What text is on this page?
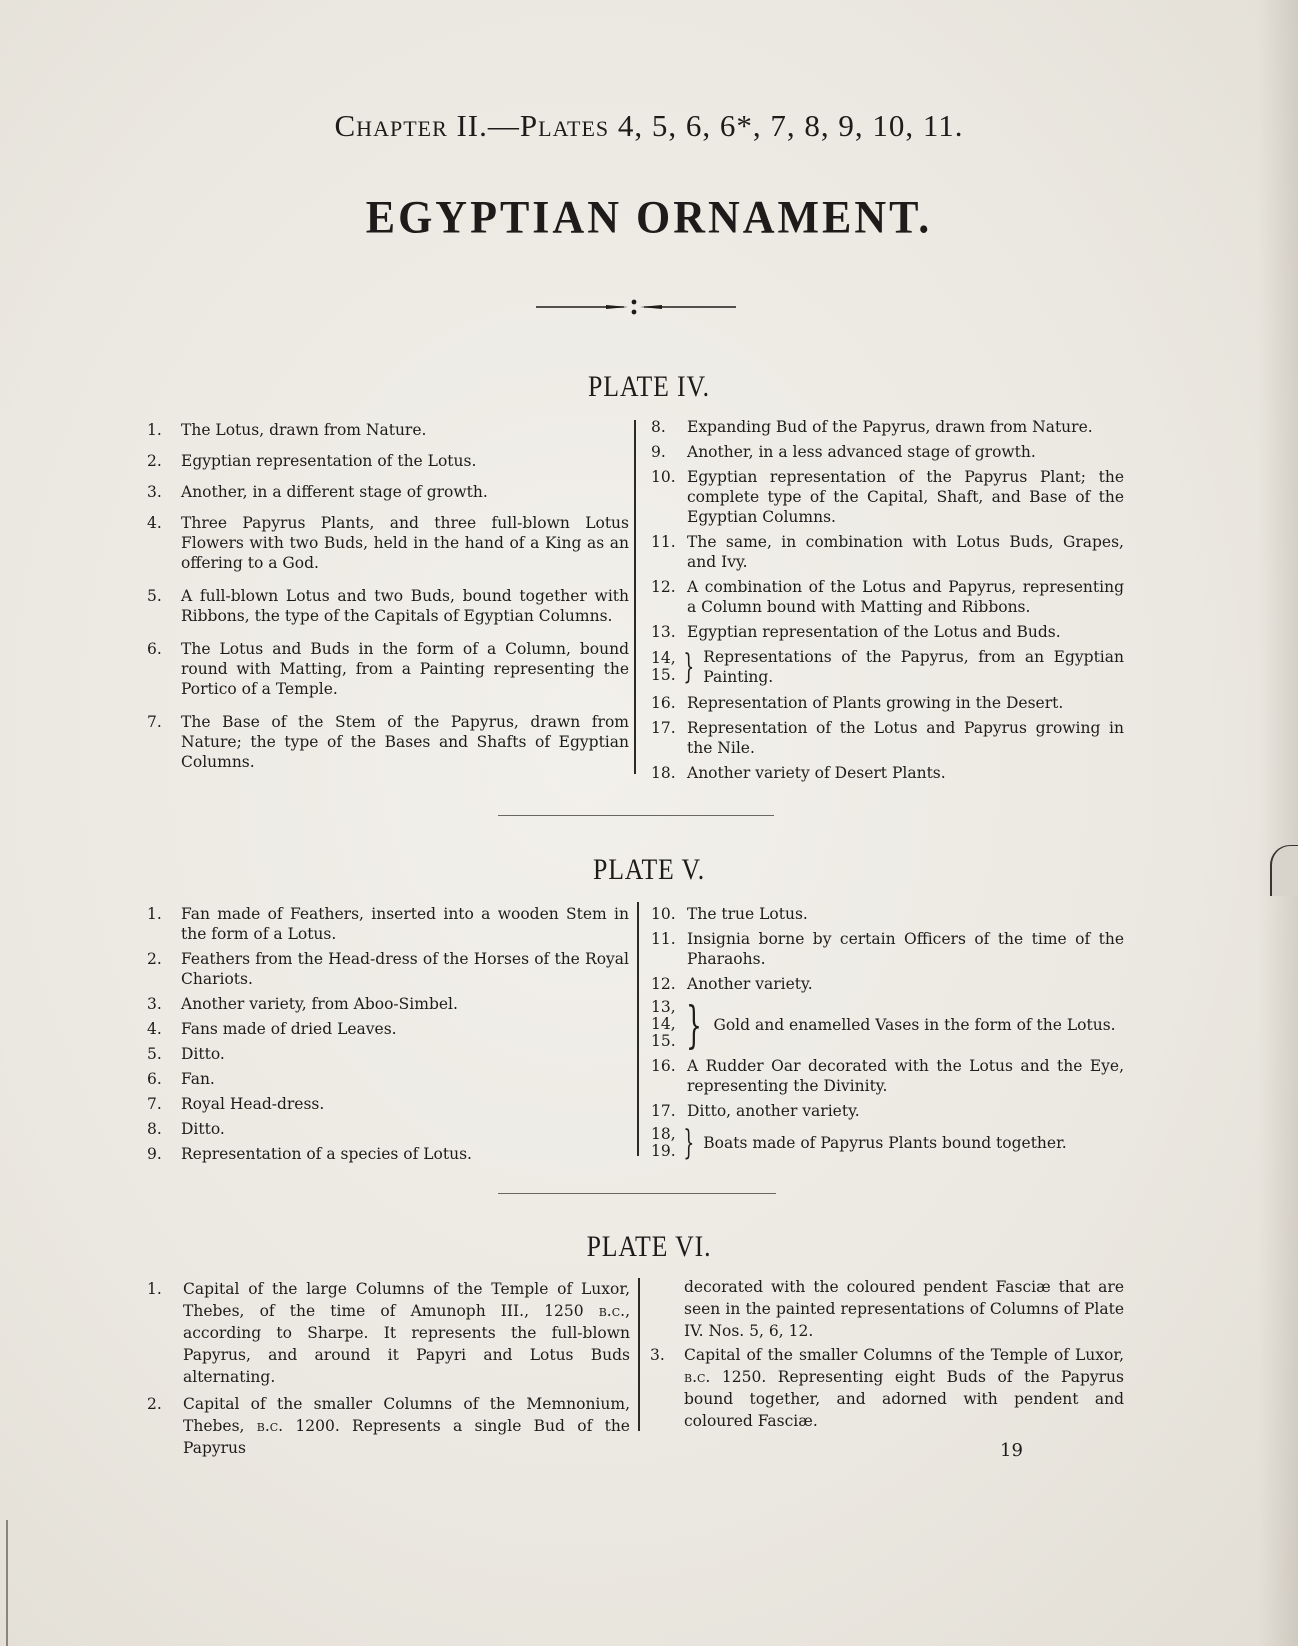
Chapter II.—Plates 4, 5, 6, 6*, 7, 8, 9, 10, 11.
EGYPTIAN ORNAMENT.
PLATE IV.
1. The Lotus, drawn from Nature.
2. Egyptian representation of the Lotus.
3. Another, in a different stage of growth.
4. Three Papyrus Plants, and three full-blown Lotus Flowers with two Buds, held in the hand of a King as an offering to a God.
5. A full-blown Lotus and two Buds, bound together with Ribbons, the type of the Capitals of Egyptian Columns.
6. The Lotus and Buds in the form of a Column, bound round with Matting, from a Painting representing the Portico of a Temple.
7. The Base of the Stem of the Papyrus, drawn from Nature; the type of the Bases and Shafts of Egyptian Columns.
8. Expanding Bud of the Papyrus, drawn from Nature.
9. Another, in a less advanced stage of growth.
10. Egyptian representation of the Papyrus Plant; the complete type of the Capital, Shaft, and Base of the Egyptian Columns.
11. The same, in combination with Lotus Buds, Grapes, and Ivy.
12. A combination of the Lotus and Papyrus, representing a Column bound with Matting and Ribbons.
13. Egyptian representation of the Lotus and Buds.
14,
15. } Representations of the Papyrus, from an Egyptian Painting.
16. Representation of Plants growing in the Desert.
17. Representation of the Lotus and Papyrus growing in the Nile.
18. Another variety of Desert Plants.
PLATE V.
1. Fan made of Feathers, inserted into a wooden Stem in the form of a Lotus.
2. Feathers from the Head-dress of the Horses of the Royal Chariots.
3. Another variety, from Aboo-Simbel.
4. Fans made of dried Leaves.
5. Ditto.
6. Fan.
7. Royal Head-dress.
8. Ditto.
9. Representation of a species of Lotus.
10. The true Lotus.
11. Insignia borne by certain Officers of the time of the Pharaohs.
12. Another variety.
13,
14,
15. } Gold and enamelled Vases in the form of the Lotus.
16. A Rudder Oar decorated with the Lotus and the Eye, representing the Divinity.
17. Ditto, another variety.
18,
19. } Boats made of Papyrus Plants bound together.
PLATE VI.
1. Capital of the large Columns of the Temple of Luxor, Thebes, of the time of Amunoph III., 1250 b.c., according to Sharpe. It represents the full-blown Papyrus, and around it Papyri and Lotus Buds alternating.
2. Capital of the smaller Columns of the Memnonium, Thebes, b.c. 1200. Represents a single Bud of the Papyrus
decorated with the coloured pendent Fasciæ that are seen in the painted representations of Columns of Plate IV. Nos. 5, 6, 12.
3. Capital of the smaller Columns of the Temple of Luxor, b.c. 1250. Representing eight Buds of the Papyrus bound together, and adorned with pendent and coloured Fasciæ.
19
